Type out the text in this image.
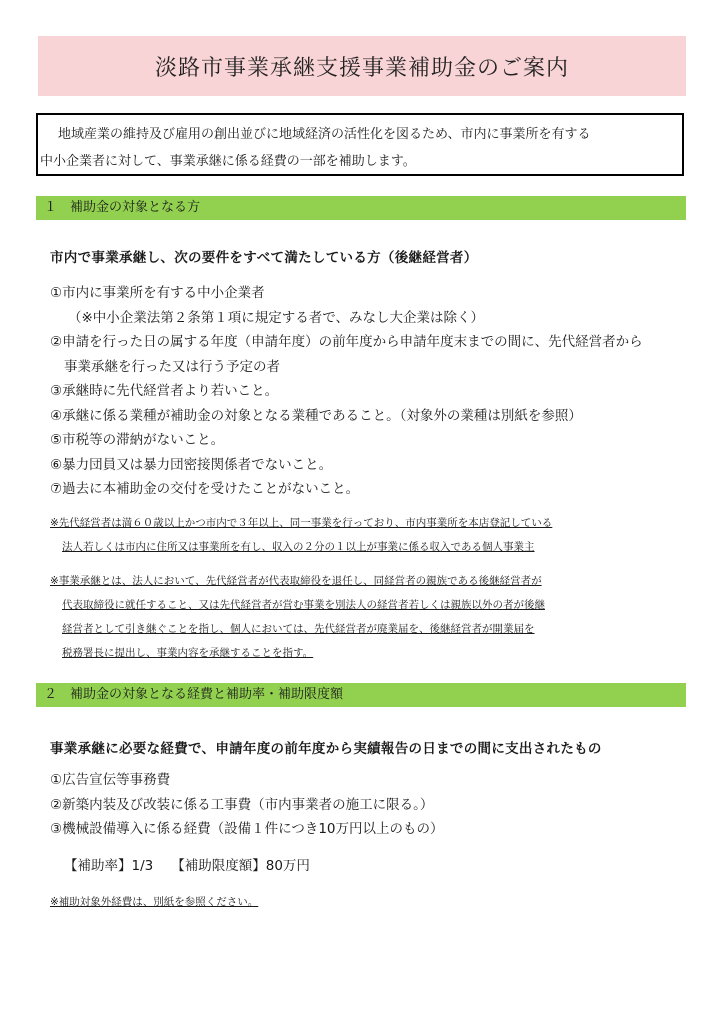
淡路市事業承継支援事業補助金のご案内

地域産業の維持及び雇用の創出並びに地域経済の活性化を図るため、市内に事業所を有する

中小企業者に対して、事業承継に係る経費の一部を補助します。

１ 補助金の対象となる方
市内で事業承継し、次の要件をすべて満たしている方（後継経営者）
①市内に事業所を有する中小企業者
（※中小企業法第２条第１項に規定する者で、みなし大企業は除く）
②申請を行った日の属する年度（申請年度）の前年度から申請年度末までの間に、先代経営者から
事業承継を行った又は行う予定の者
③承継時に先代経営者より若いこと。
④承継に係る業種が補助金の対象となる業種であること。（対象外の業種は別紙を参照）
⑤市税等の滞納がないこと。
⑥暴力団員又は暴力団密接関係者でないこと。
⑦過去に本補助金の交付を受けたことがないこと。
※先代経営者は満６０歳以上かつ市内で３年以上、同一事業を行っており、市内事業所を本店登記している
法人若しくは市内に住所又は事業所を有し、収入の２分の１以上が事業に係る収入である個人事業主
※事業承継とは、法人において、先代経営者が代表取締役を退任し、同経営者の親族である後継経営者が
代表取締役に就任すること、又は先代経営者が営む事業を別法人の経営者若しくは親族以外の者が後継
経営者として引き継ぐことを指し、個人においては、先代経営者が廃業届を、後継経営者が開業届を
税務署長に提出し、事業内容を承継することを指す。
２ 補助金の対象となる経費と補助率・補助限度額
事業承継に必要な経費で、申請年度の前年度から実績報告の日までの間に支出されたもの
①広告宣伝等事務費
②新築内装及び改装に係る工事費（市内事業者の施工に限る。）
③機械設備導入に係る経費（設備１件につき10万円以上のもの）
【補助率】1/3 【補助限度額】80万円
※補助対象外経費は、別紙を参照ください。
